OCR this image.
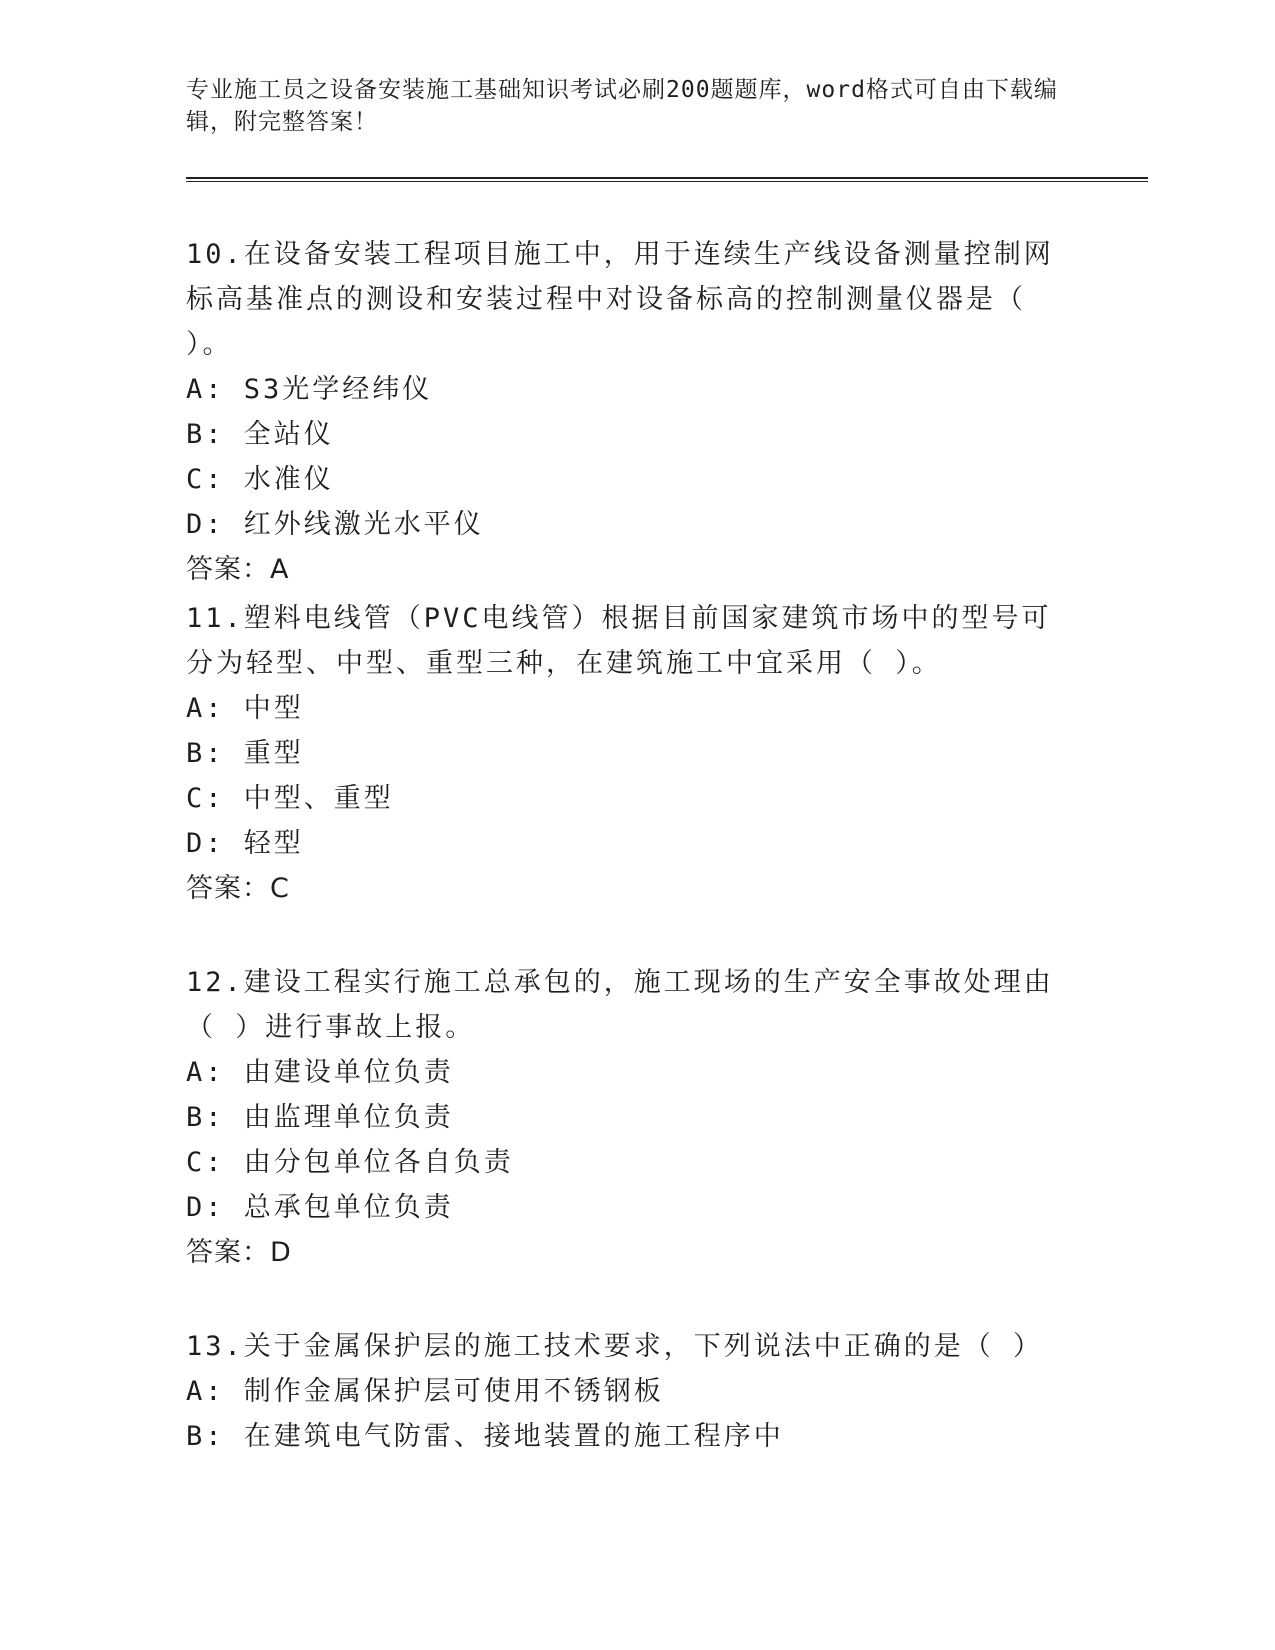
专业施工员之设备安装施工基础知识考试必刷200题题库，word格式可自由下载编辑，附完整答案！

10.在设备安装工程项目施工中，用于连续生产线设备测量控制网标高基准点的测设和安装过程中对设备标高的控制测量仪器是（ ）。

A: S3光学经纬仪

B: 全站仪

C: 水准仪

D: 红外线激光水平仪

答案：A

11.塑料电线管（PVC电线管）根据目前国家建筑市场中的型号可分为轻型、中型、重型三种，在建筑施工中宜采用（ ）。

A: 中型

B: 重型

C: 中型、重型

D: 轻型

答案：C

12.建设工程实行施工总承包的，施工现场的生产安全事故处理由（ ）进行事故上报。

A: 由建设单位负责

B: 由监理单位负责

C: 由分包单位各自负责

D: 总承包单位负责

答案：D

13.关于金属保护层的施工技术要求，下列说法中正确的是（ ）

A: 制作金属保护层可使用不锈钢板

B: 在建筑电气防雷、接地装置的施工程序中
